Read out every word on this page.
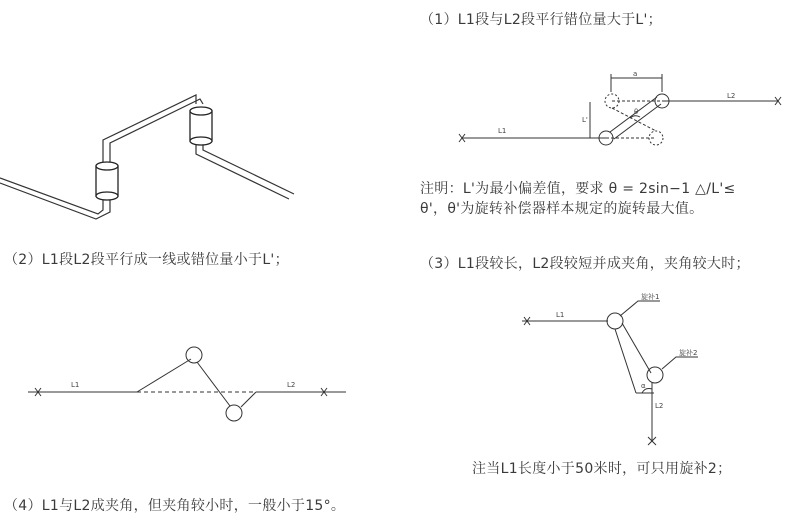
（1）L1段与L2段平行错位量大于L'；
注明：L'为最小偏差值，要求 θ = 2sin−1 △/L'≤
θ'，θ'为旋转补偿器样本规定的旋转最大值。
（2）L1段L2段平行成一线或错位量小于L'；	（3）L1段较长，L2段较短并成夹角，夹角较大时；
注当L1长度小于50米时，可只用旋补2；
（4）L1与L2成夹角，但夹角较小时，一般小于15°。
L1
L2
a
θ
L'
L1	L2
L1
旋补1
旋补2
α
L2
